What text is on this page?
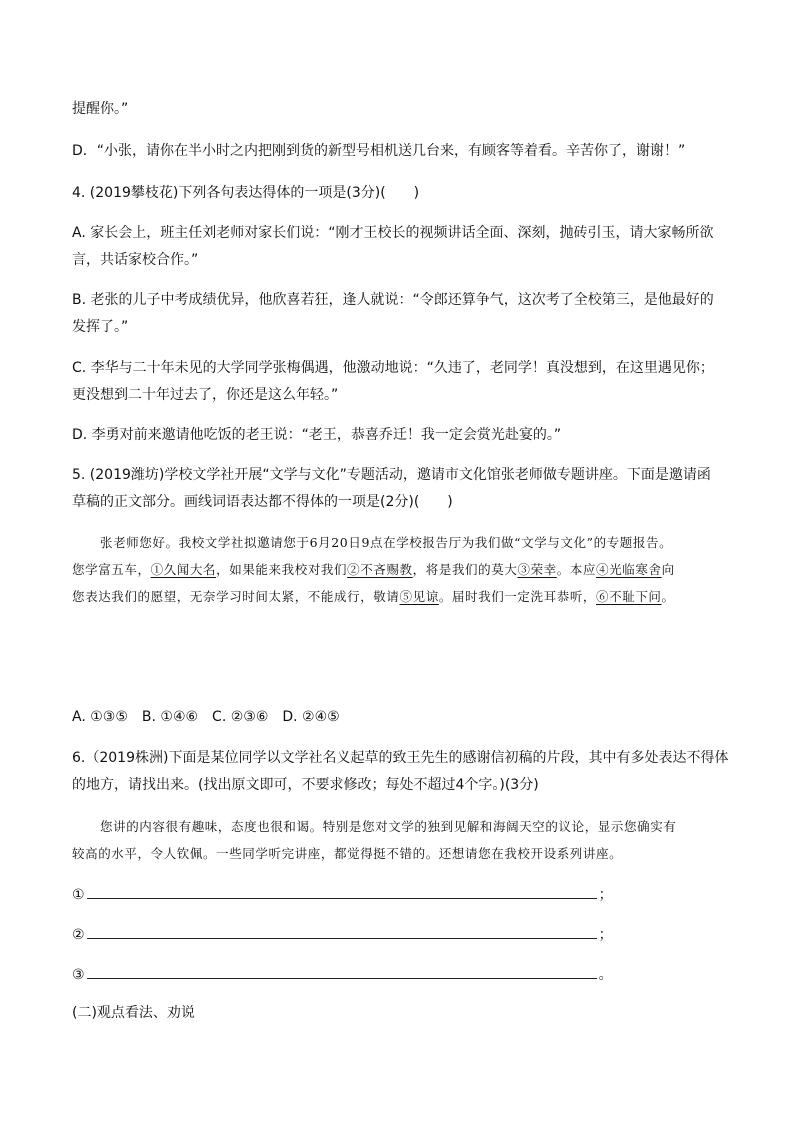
提醒你。”
D．“小张，请你在半小时之内把刚到货的新型号相机送几台来，有顾客等着看。辛苦你了，谢谢！”
4. (2019攀枝花)下列各句表达得体的一项是(3分)(　　)
A. 家长会上，班主任刘老师对家长们说：“刚才王校长的视频讲话全面、深刻，抛砖引玉，请大家畅所欲
言，共话家校合作。”
B. 老张的儿子中考成绩优异，他欣喜若狂，逢人就说：“令郎还算争气，这次考了全校第三，是他最好的
发挥了。”
C. 李华与二十年未见的大学同学张梅偶遇，他激动地说：“久违了，老同学！真没想到，在这里遇见你；
更没想到二十年过去了，你还是这么年轻。”
D. 李勇对前来邀请他吃饭的老王说：“老王，恭喜乔迁！我一定会赏光赴宴的。”
5. (2019潍坊)学校文学社开展“文学与文化”专题活动，邀请市文化馆张老师做专题讲座。下面是邀请函
草稿的正文部分。画线词语表达都不得体的一项是(2分)(　　)
张老师您好。我校文学社拟邀请您于6月20日9点在学校报告厅为我们做“文学与文化”的专题报告。
您学富五车，①久闻大名，如果能来我校对我们②不吝赐教，将是我们的莫大③荣幸。本应④光临寒舍向
您表达我们的愿望，无奈学习时间太紧，不能成行，敬请⑤见谅。届时我们一定洗耳恭听，⑥不耻下问。
A. ①③⑤　B. ①④⑥　C. ②③⑥　D. ②④⑤
6.（2019株洲)下面是某位同学以文学社名义起草的致王先生的感谢信初稿的片段，其中有多处表达不得体
的地方，请找出来。(找出原文即可，不要求修改；每处不超过4个字。)(3分)
您讲的内容很有趣味，态度也很和谒。特别是您对文学的独到见解和海阔天空的议论，显示您确实有
较高的水平，令人钦佩。一些同学听完讲座，都觉得挺不错的。还想请您在我校开设系列讲座。
①	；
②	；
③	。
(二)观点看法、劝说
